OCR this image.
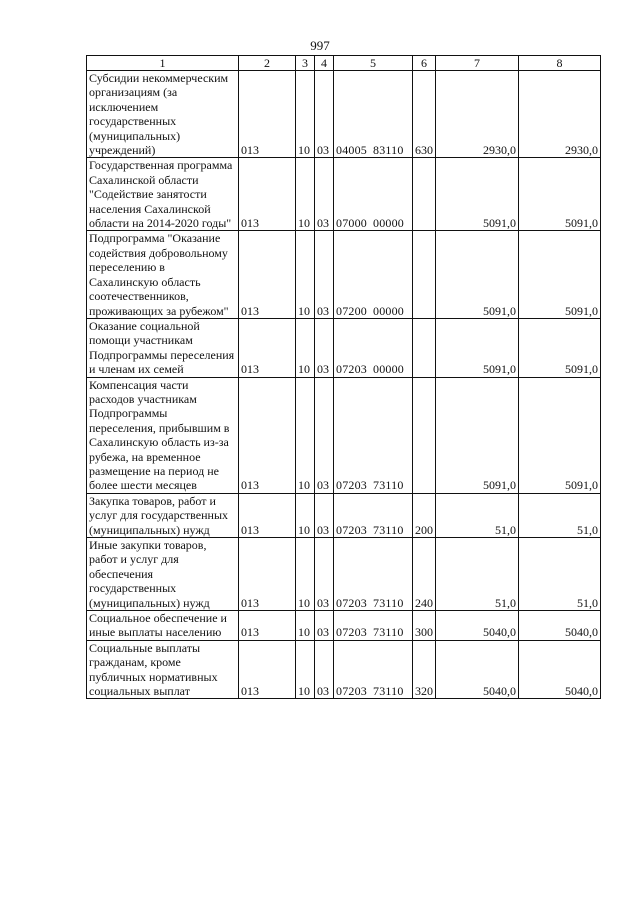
997
1	2	3	4	5	6	7	8
Субсидии некоммерческим организациям (за исключением государственных (муниципальных) учреждений)	013	10	03	04005 83110	630	2930,0	2930,0
Государственная программа Сахалинской области "Содействие занятости населения Сахалинской области на 2014-2020 годы"	013	10	03	07000 00000		5091,0	5091,0
Подпрограмма "Оказание содействия добровольному переселению в Сахалинскую область соотечественников, проживающих за рубежом"	013	10	03	07200 00000		5091,0	5091,0
Оказание социальной помощи участникам Подпрограммы переселения и членам их семей	013	10	03	07203 00000		5091,0	5091,0
Компенсация части расходов участникам Подпрограммы переселения, прибывшим в Сахалинскую область из-за рубежа, на временное размещение на период не более шести месяцев	013	10	03	07203 73110		5091,0	5091,0
Закупка товаров, работ и услуг для государственных (муниципальных) нужд	013	10	03	07203 73110	200	51,0	51,0
Иные закупки товаров, работ и услуг для обеспечения государственных (муниципальных) нужд	013	10	03	07203 73110	240	51,0	51,0
Социальное обеспечение и иные выплаты населению	013	10	03	07203 73110	300	5040,0	5040,0
Социальные выплаты гражданам, кроме публичных нормативных социальных выплат	013	10	03	07203 73110	320	5040,0	5040,0
